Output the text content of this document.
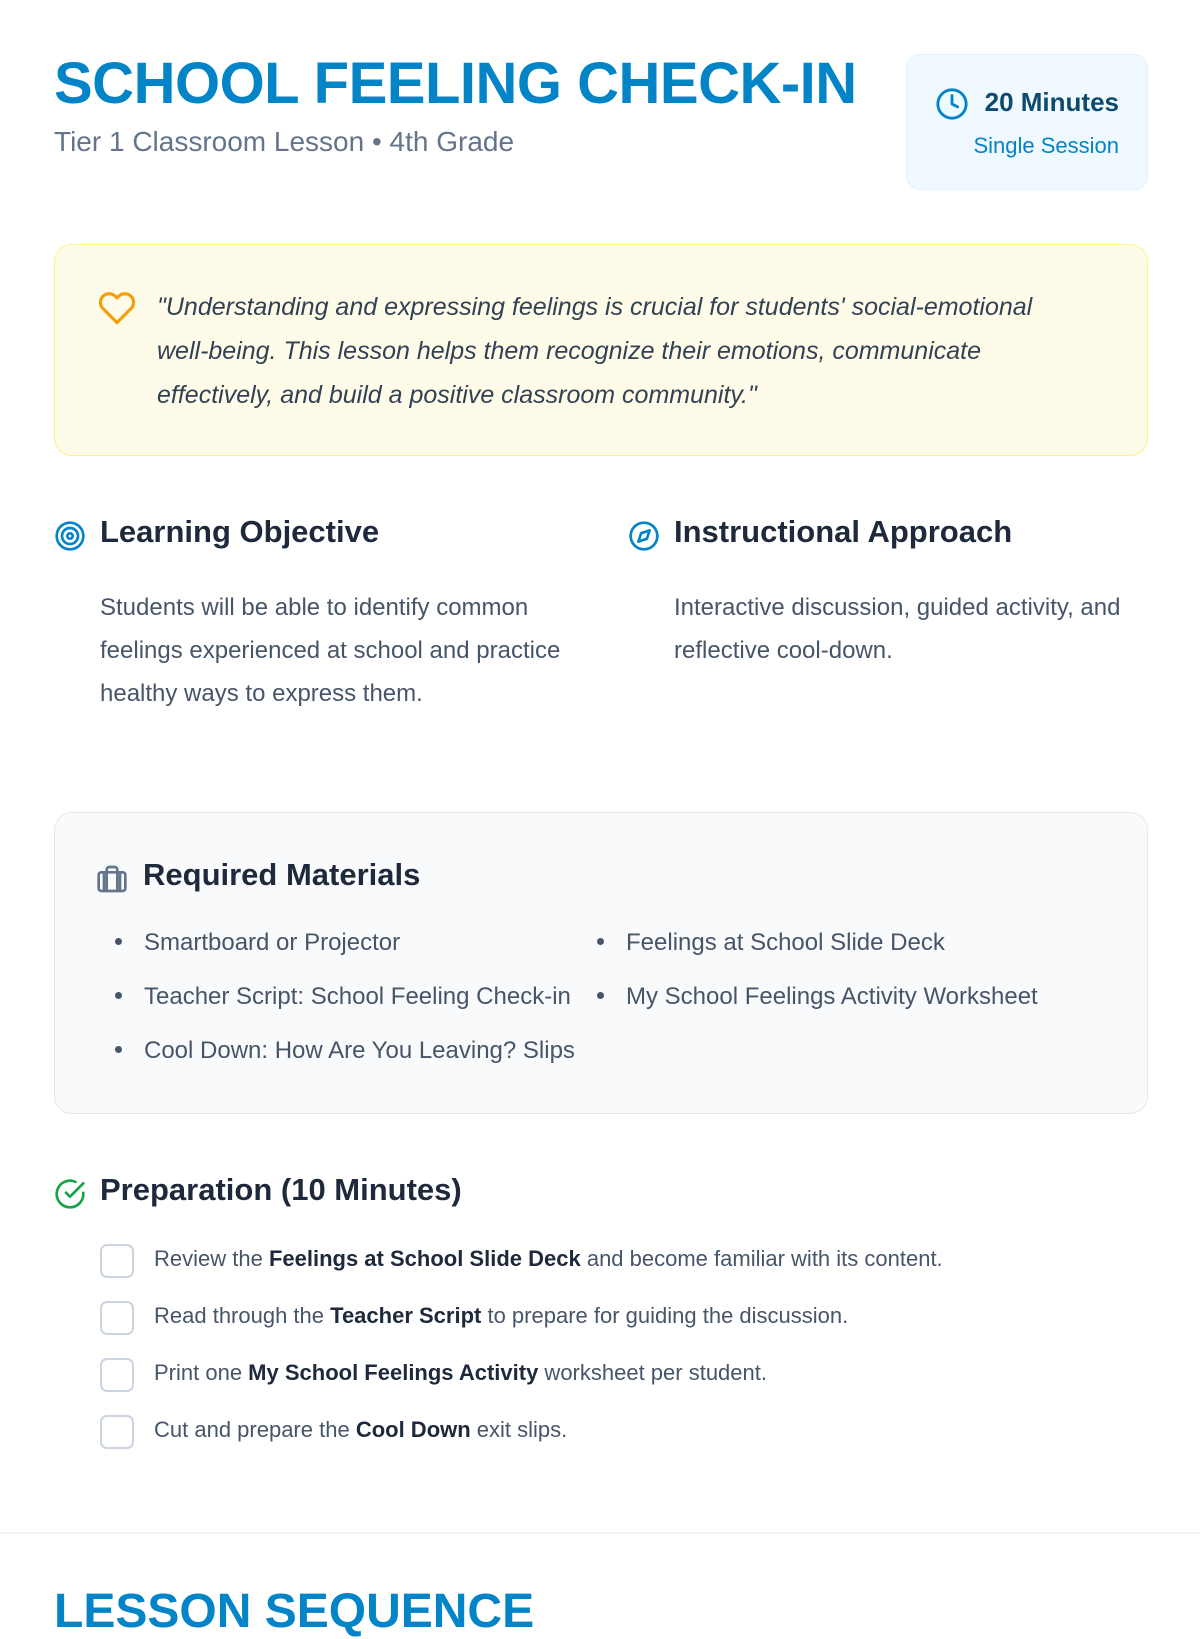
SCHOOL FEELING CHECK-IN
Tier 1 Classroom Lesson • 4th Grade
20 Minutes
Single Session

"Understanding and expressing feelings is crucial for students' social-emotional well-being. This lesson helps them recognize their emotions, communicate effectively, and build a positive classroom community."

Learning Objective

Students will be able to identify common feelings experienced at school and practice healthy ways to express them.

Instructional Approach

Interactive discussion, guided activity, and reflective cool-down.

Required Materials
Smartboard or Projector	Feelings at School Slide Deck
Teacher Script: School Feeling Check-in	My School Feelings Activity Worksheet
Cool Down: How Are You Leaving? Slips
Preparation (10 Minutes)
Review the Feelings at School Slide Deck and become familiar with its content.
Read through the Teacher Script to prepare for guiding the discussion.
Print one My School Feelings Activity worksheet per student.
Cut and prepare the Cool Down exit slips.
LESSON SEQUENCE
